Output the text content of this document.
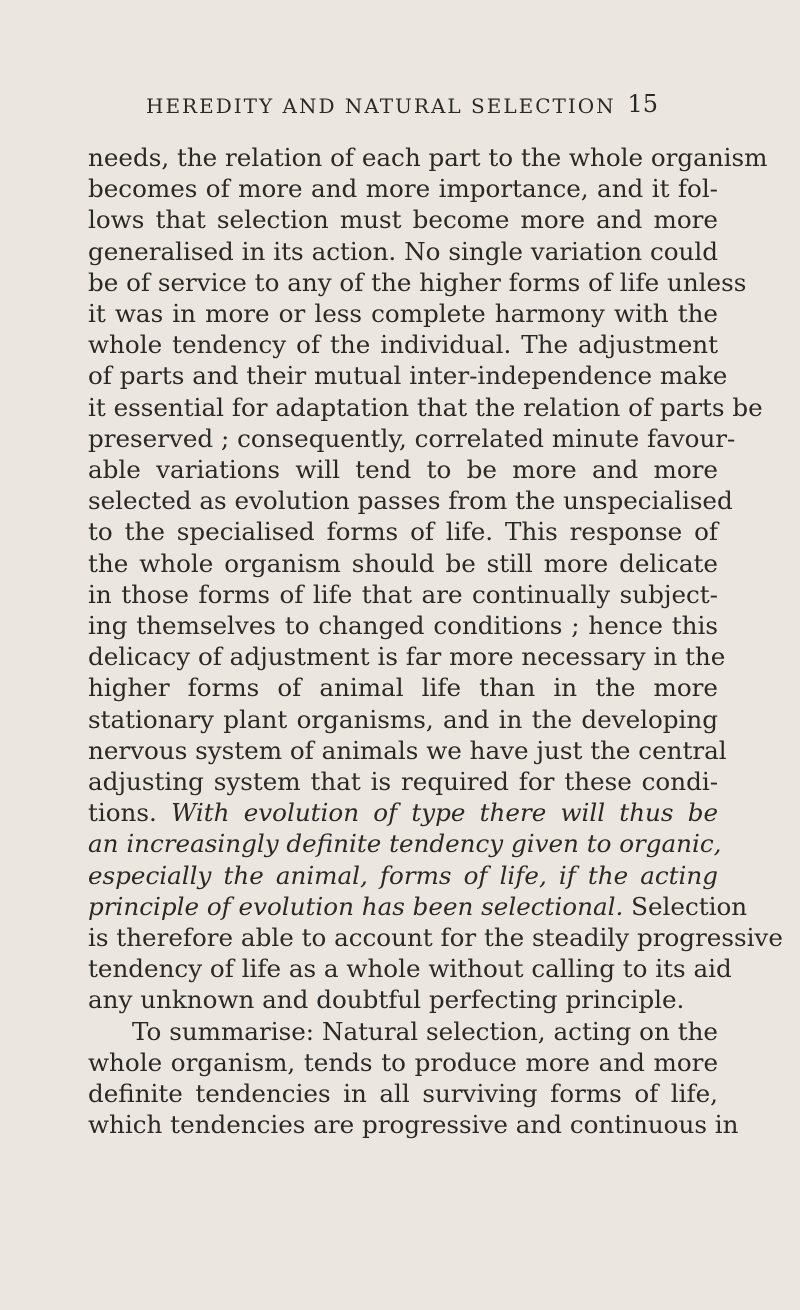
HEREDITY AND NATURAL SELECTION 15
needs, the relation of each part to the whole organism
becomes of more and more importance, and it fol-
lows that selection must become more and more
generalised in its action. No single variation could
be of service to any of the higher forms of life unless
it was in more or less complete harmony with the
whole tendency of the individual. The adjustment
of parts and their mutual inter-independence make
it essential for adaptation that the relation of parts be
preserved ; consequently, correlated minute favour-
able variations will tend to be more and more
selected as evolution passes from the unspecialised
to the specialised forms of life. This response of
the whole organism should be still more delicate
in those forms of life that are continually subject-
ing themselves to changed conditions ; hence this
delicacy of adjustment is far more necessary in the
higher forms of animal life than in the more
stationary plant organisms, and in the developing
nervous system of animals we have just the central
adjusting system that is required for these condi-
tions. With evolution of type there will thus be
an increasingly definite tendency given to organic,
especially the animal, forms of life, if the acting
principle of evolution has been selectional. Selection
is therefore able to account for the steadily progressive
tendency of life as a whole without calling to its aid
any unknown and doubtful perfecting principle.
To summarise: Natural selection, acting on the
whole organism, tends to produce more and more
definite tendencies in all surviving forms of life,
which tendencies are progressive and continuous in
